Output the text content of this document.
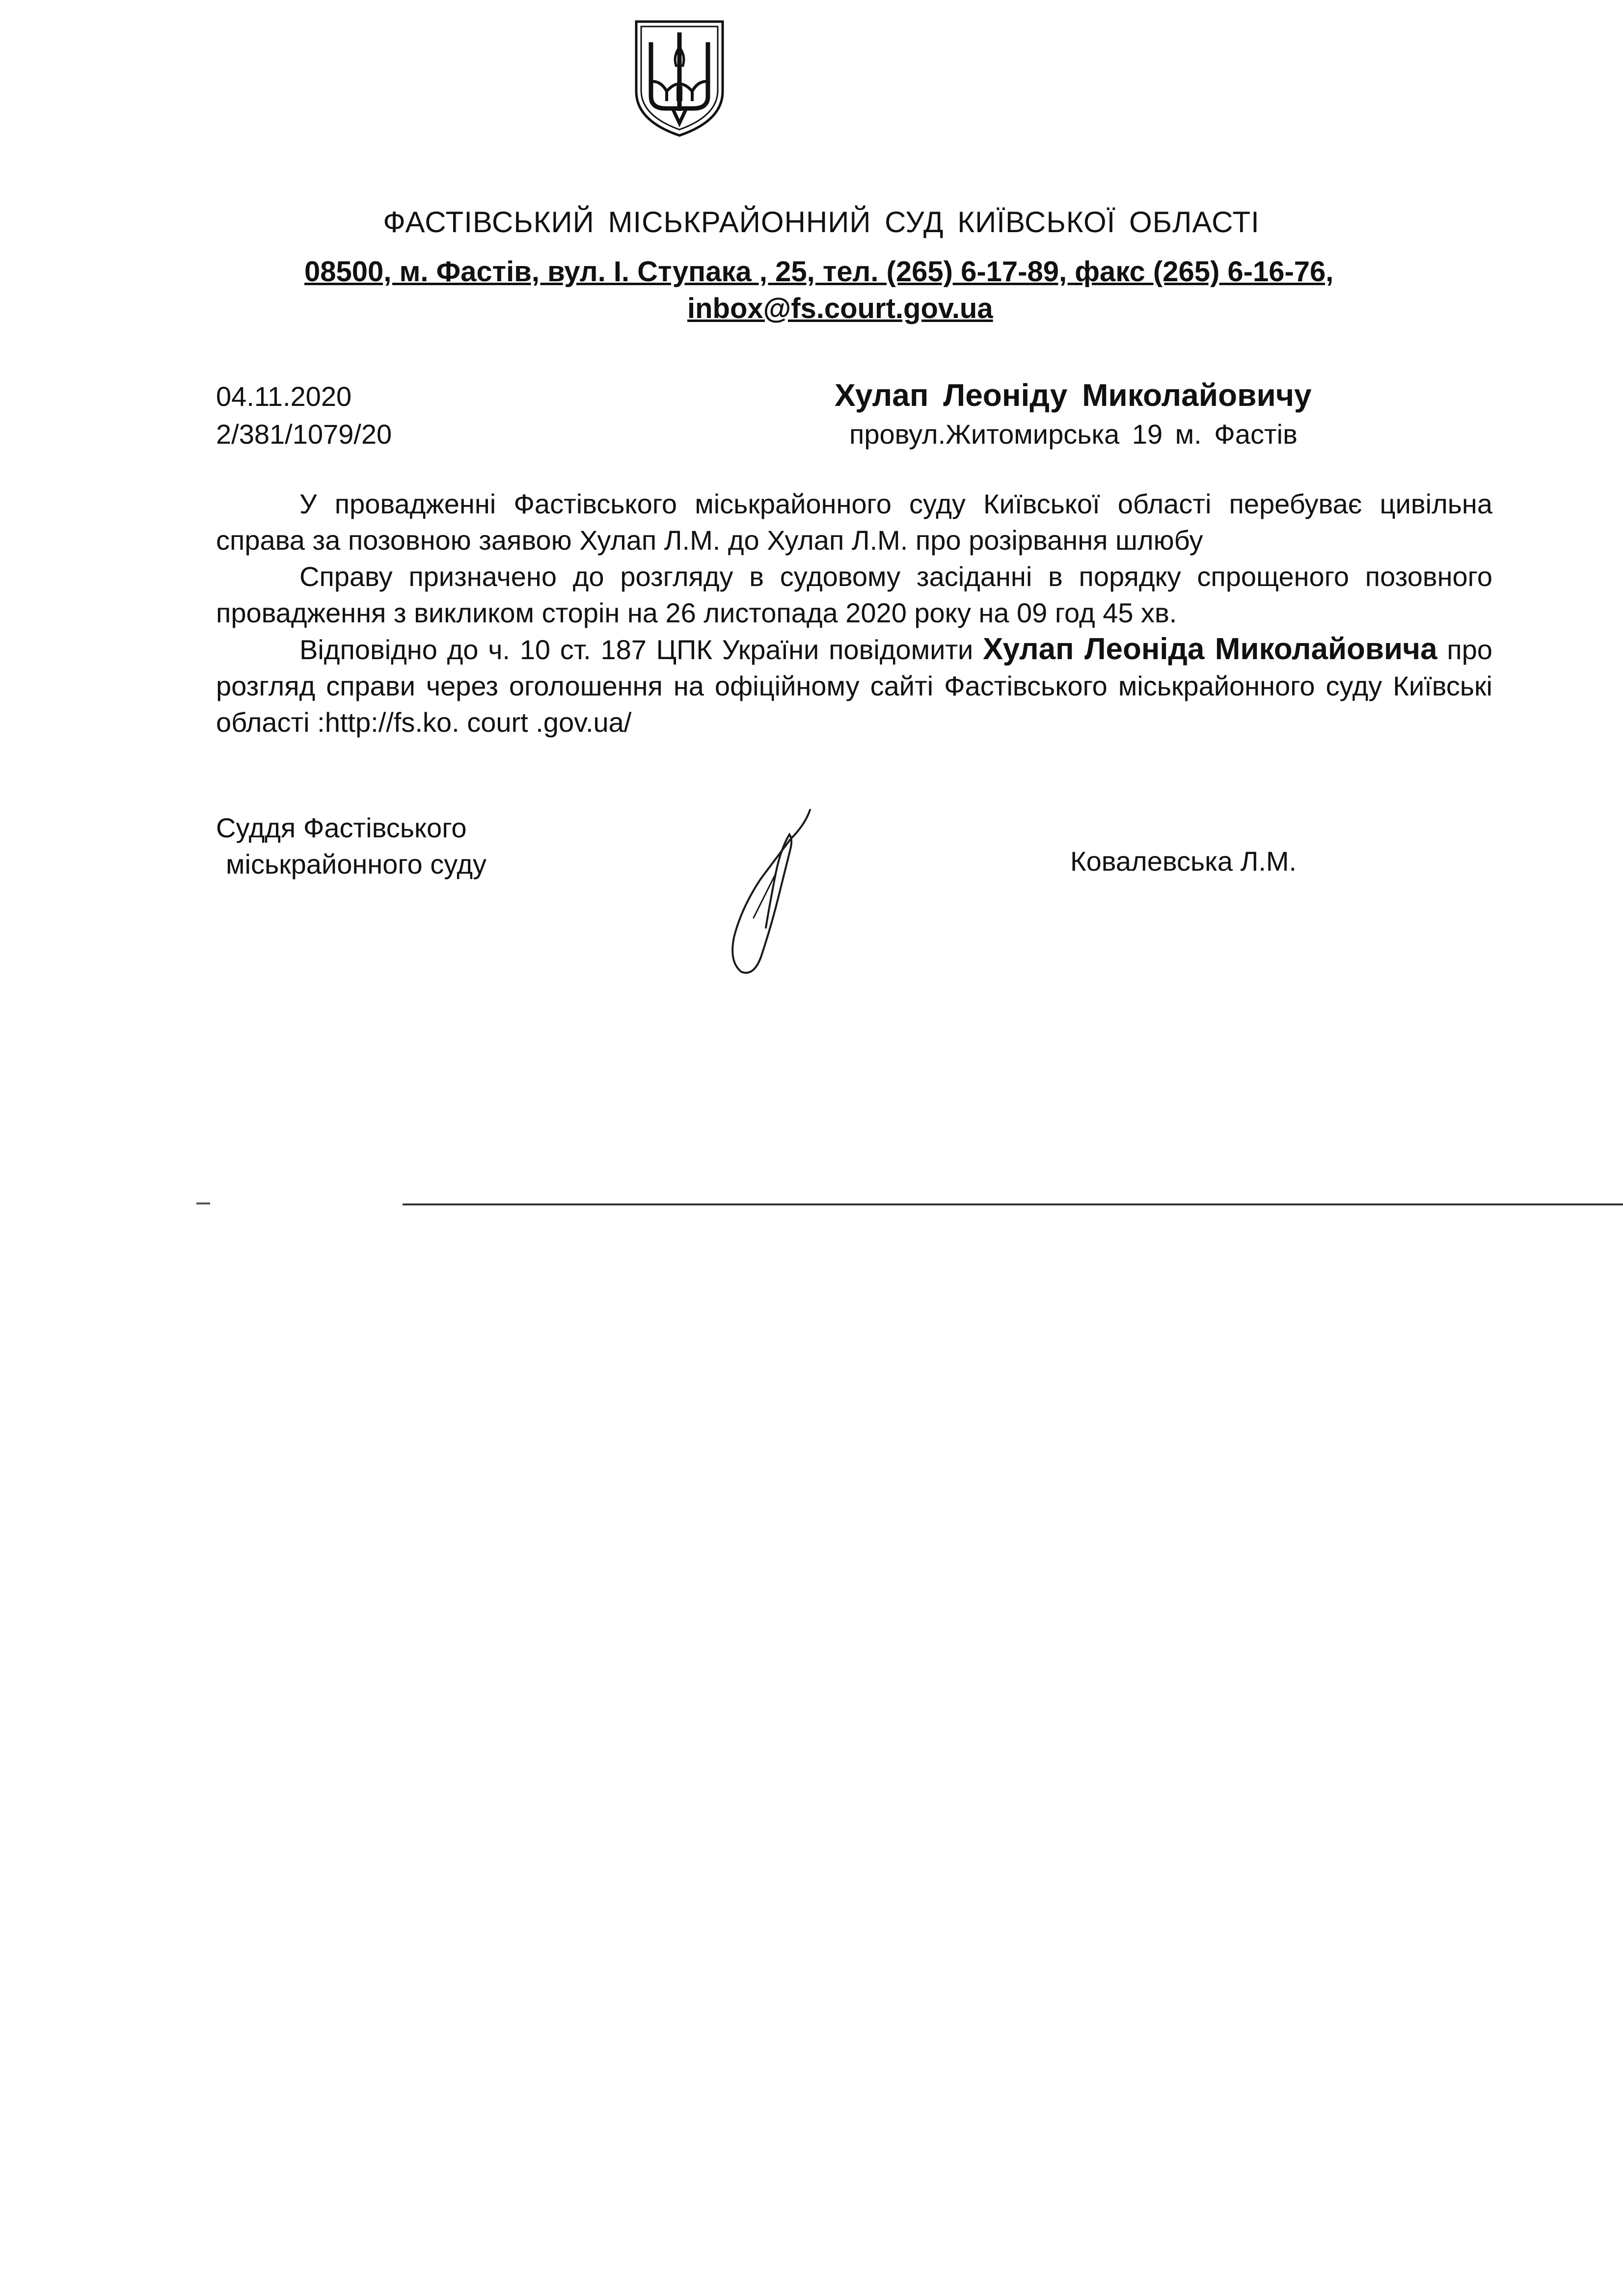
ФАСТІВСЬКИЙ МІСЬКРАЙОННИЙ СУД КИЇВСЬКОЇ ОБЛАСТІ
08500, м. Фастів, вул. І. Ступака , 25, тел. (265) 6-17-89, факс (265) 6-16-76,
inbox@fs.court.gov.ua
04.11.2020
2/381/1079/20
Хулап Леоніду Миколайовичу
провул.Житомирська 19 м. Фастів

У провадженні Фастівського міськрайонного суду Київської області перебуває цивільна справа за позовною заявою Хулап Л.М. до Хулап Л.М. про розірвання шлюбу

Справу призначено до розгляду в судовому засіданні в порядку спрощеного позовного провадження з викликом сторін на 26 листопада 2020 року на 09 год 45 хв.

Відповідно до ч. 10 ст. 187 ЦПК України повідомити Хулап Леоніда Миколайовича про розгляд справи через оголошення на офіційному сайті Фастівського міськрайонного суду Київські області :http://fs.ko. court .gov.ua/

Суддя Фастівського
міськрайонного суду	Ковалевська Л.М.
